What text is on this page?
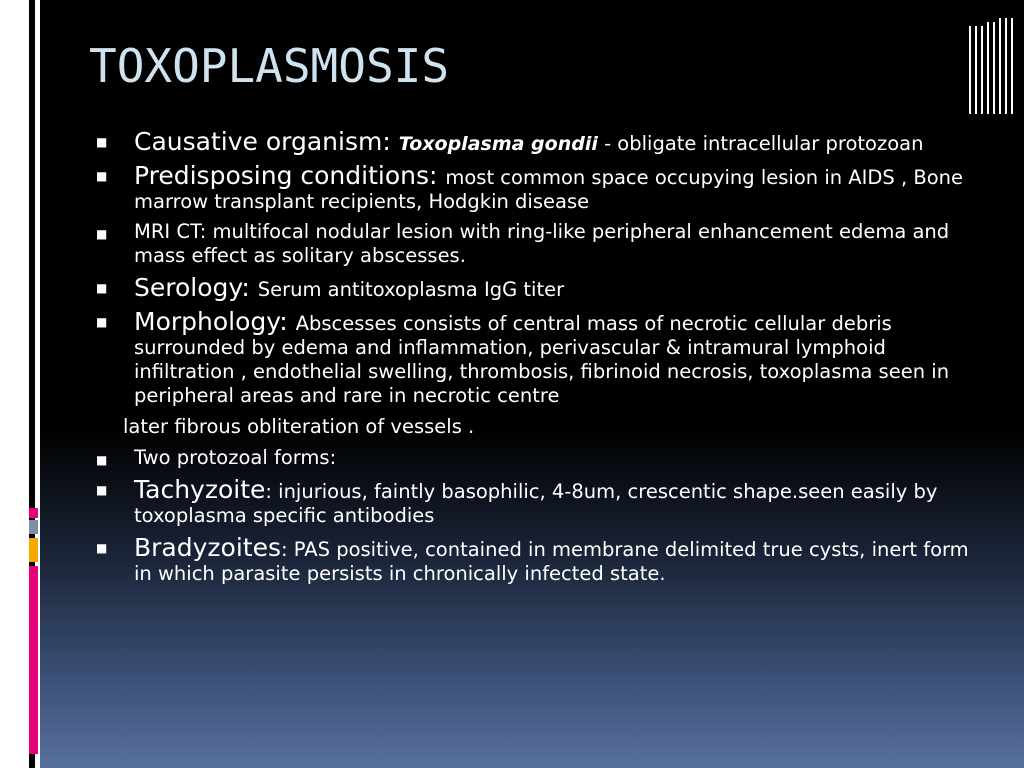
TOXOPLASMOSIS
■ Causative organism: Toxoplasma gondii - obligate intracellular protozoan
■ Predisposing conditions: most common space occupying lesion in AIDS , Bone marrow transplant recipients, Hodgkin disease
■ MRI CT: multifocal nodular lesion with ring-like peripheral enhancement edema and mass effect as solitary abscesses.
■ Serology: Serum antitoxoplasma IgG titer
■ Morphology: Abscesses consists of central mass of necrotic cellular debris surrounded by edema and inflammation, perivascular & intramural lymphoid infiltration , endothelial swelling, thrombosis, fibrinoid necrosis, toxoplasma seen in peripheral areas and rare in necrotic centre
later fibrous obliteration of vessels .
■ Two protozoal forms:
■ Tachyzoite: injurious, faintly basophilic, 4-8um, crescentic shape.seen easily by toxoplasma specific antibodies
■ Bradyzoites: PAS positive, contained in membrane delimited true cysts, inert form in which parasite persists in chronically infected state.
